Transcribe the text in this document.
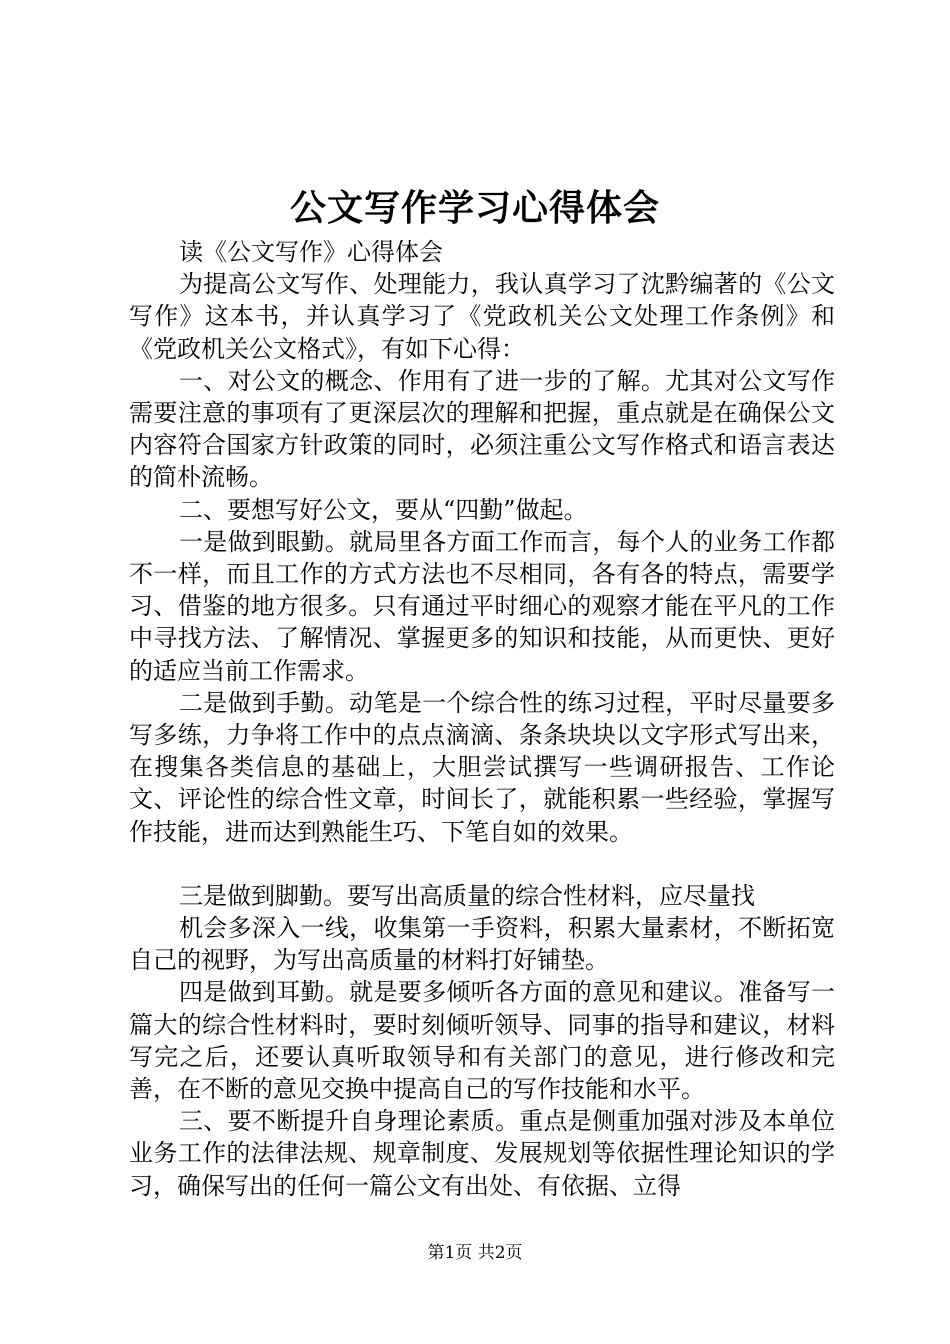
公文写作学习心得体会

读《公文写作》心得体会

为提高公文写作、处理能力，我认真学习了沈黔编著的《公文写作》这本书，并认真学习了《党政机关公文处理工作条例》和《党政机关公文格式》，有如下心得：

一、对公文的概念、作用有了进一步的了解。尤其对公文写作需要注意的事项有了更深层次的理解和把握，重点就是在确保公文内容符合国家方针政策的同时，必须注重公文写作格式和语言表达的简朴流畅。

二、要想写好公文，要从“四勤”做起。

一是做到眼勤。就局里各方面工作而言，每个人的业务工作都不一样，而且工作的方式方法也不尽相同，各有各的特点，需要学习、借鉴的地方很多。只有通过平时细心的观察才能在平凡的工作中寻找方法、了解情况、掌握更多的知识和技能，从而更快、更好的适应当前工作需求。

二是做到手勤。动笔是一个综合性的练习过程，平时尽量要多写多练，力争将工作中的点点滴滴、条条块块以文字形式写出来，在搜集各类信息的基础上，大胆尝试撰写一些调研报告、工作论文、评论性的综合性文章，时间长了，就能积累一些经验，掌握写作技能，进而达到熟能生巧、下笔自如的效果。

三是做到脚勤。要写出高质量的综合性材料，应尽量找

机会多深入一线，收集第一手资料，积累大量素材，不断拓宽自己的视野，为写出高质量的材料打好铺垫。

四是做到耳勤。就是要多倾听各方面的意见和建议。准备写一篇大的综合性材料时，要时刻倾听领导、同事的指导和建议，材料写完之后，还要认真听取领导和有关部门的意见，进行修改和完善，在不断的意见交换中提高自己的写作技能和水平。

三、要不断提升自身理论素质。重点是侧重加强对涉及本单位业务工作的法律法规、规章制度、发展规划等依据性理论知识的学习，确保写出的任何一篇公文有出处、有依据、立得

第1页 共2页
